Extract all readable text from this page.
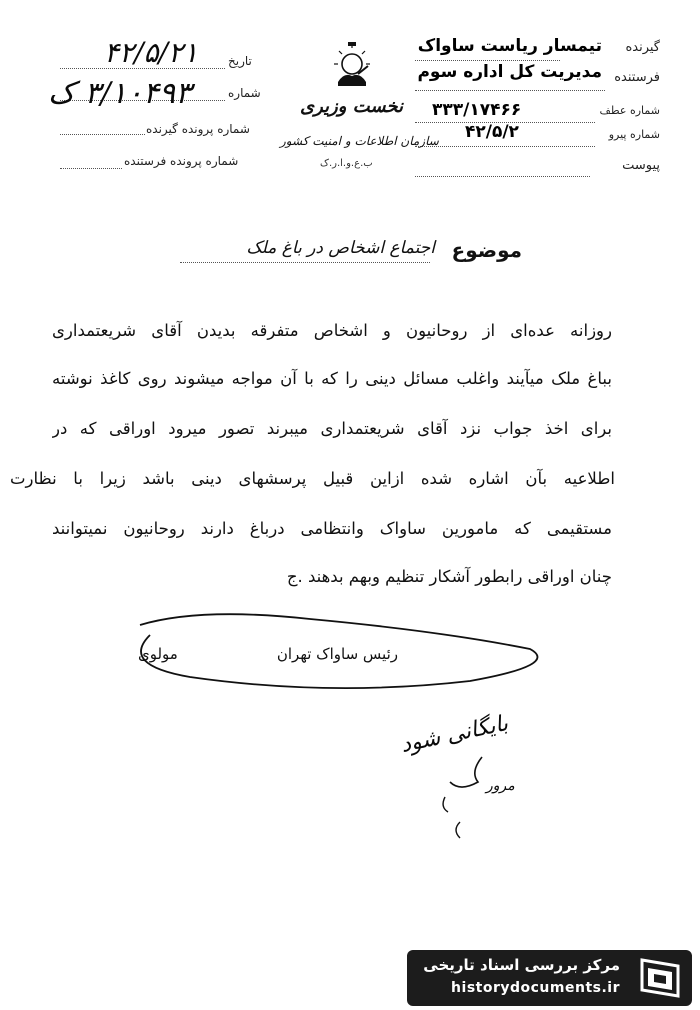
گیرنده
تیمسار ریاست ساواک
فرستنده
مدیریت کل اداره سوم
شماره عطف
۳۳۳/۱۷۴۶۶
شماره پیرو
۴۲/۵/۲
پیوست
نخست وزیری
سازمان اطلاعات و امنیت کشور
ب.ع.و.ا.ر.ک
تاریخ
۴۲/۵/۲۱
شماره
۳/۱۰۴۹۳ ک
شماره پرونده گیرنده
شماره پرونده فرستنده
موضوع
اجتماع اشخاص در باغ ملک
روزانه عده‌ای از روحانیون و اشخاص متفرقه بدیدن آقای شریعتمداری
بباغ ملک میآیند واغلب مسائل دینی را که با آن مواجه میشوند روی کاغذ نوشته
برای اخذ جواب نزد آقای شریعتمداری میبرند تصور میرود اوراقی که در
اطلاعیه بآن اشاره شده ازاین قبیل پرسشهای دینی باشد زیرا با نظارت
مستقیمی که مامورین ساواک وانتظامی درباغ دارند روحانیون نمیتوانند
چنان اوراقی رابطور آشکار تنظیم وبهم بدهند .ج
رئیس ساواک تهران
مولوی
بایگانی شود
مرور
مرکز بررسی اسناد تاریخی
historydocuments.ir
